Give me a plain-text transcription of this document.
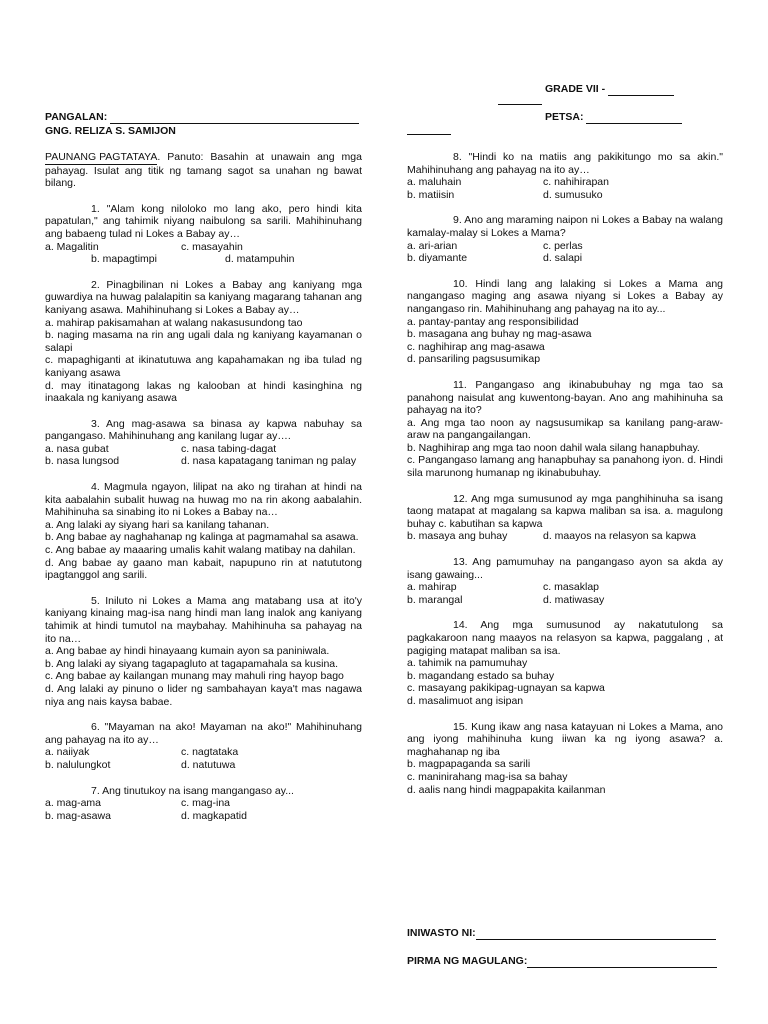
GRADE VII -
PANGALAN:	PETSA:
GNG. RELIZA S. SAMIJON

PAUNANG PAGTATAYA. Panuto: Basahin at unawain ang mga pahayag. Isulat ang titik ng tamang sagot sa unahan ng bawat bilang.

1. "Alam kong niloloko mo lang ako, pero hindi kita papatulan," ang tahimik niyang naibulong sa sarili. Mahihinuhang ang babaeng tulad ni Lokes a Babay ay…

a. Magalitin	c. masayahin
b. mapagtimpi	d. matampuhin

2. Pinagbilinan ni Lokes a Babay ang kaniyang mga guwardiya na huwag palalapitin sa kaniyang magarang tahanan ang kaniyang asawa. Mahihinuhang si Lokes a Babay ay…

a. mahirap pakisamahan at walang nakasusundong tao
b. naging masama na rin ang ugali dala ng kaniyang kayamanan o salapi
c. mapaghiganti at ikinatutuwa ang kapahamakan ng iba tulad ng kaniyang asawa
d. may itinatagong lakas ng kalooban at hindi kasinghina ng inaakala ng kaniyang asawa

3. Ang mag-asawa sa binasa ay kapwa nabuhay sa pangangaso. Mahihinuhang ang kanilang lugar ay….

a. nasa gubat	c. nasa tabing-dagat
b. nasa lungsod	d. nasa kapatagang taniman ng palay

4. Magmula ngayon, lilipat na ako ng tirahan at hindi na kita aabalahin subalit huwag na huwag mo na rin akong aabalahin. Mahihinuha sa sinabing ito ni Lokes a Babay na…

a. Ang lalaki ay siyang hari sa kanilang tahanan.
b. Ang babae ay naghahanap ng kalinga at pagmamahal sa asawa.
c. Ang babae ay maaaring umalis kahit walang matibay na dahilan.
d. Ang babae ay gaano man kabait, napupuno rin at natututong ipagtanggol ang sarili.

5. Iniluto ni Lokes a Mama ang matabang usa at ito'y kaniyang kinaing mag-isa nang hindi man lang inalok ang kaniyang tahimik at hindi tumutol na maybahay. Mahihinuha sa pahayag na ito na…

a. Ang babae ay hindi hinayaang kumain ayon sa paniniwala.
b. Ang lalaki ay siyang tagapagluto at tagapamahala sa kusina.
c. Ang babae ay kailangan munang may mahuli ring hayop bago
d. Ang lalaki ay pinuno o lider ng sambahayan kaya't mas nagawa niya ang nais kaysa babae.

6. "Mayaman na ako! Mayaman na ako!" Mahihinuhang ang pahayag na ito ay…

a. naiiyak	c. nagtataka
b. nalulungkot	d. natutuwa

7. Ang tinutukoy na isang mangangaso ay...

a. mag-ama	c. mag-ina
b. mag-asawa	d. magkapatid

8. "Hindi ko na matiis ang pakikitungo mo sa akin." Mahihinuhang ang pahayag na ito ay…

a. maluhain	c. nahihirapan
b. matiisin	d. sumusuko

9. Ano ang maraming naipon ni Lokes a Babay na walang kamalay-malay si Lokes a Mama?

a. ari-arian	c. perlas
b. diyamante	d. salapi

10. Hindi lang ang lalaking si Lokes a Mama ang nangangaso maging ang asawa niyang si Lokes a Babay ay nangangaso rin. Mahihinuhang ang pahayag na ito ay...

a. pantay-pantay ang responsibilidad
b. masagana ang buhay ng mag-asawa
c. naghihirap ang mag-asawa
d. pansariling pagsusumikap

11. Pangangaso ang ikinabubuhay ng mga tao sa panahong naisulat ang kuwentong-bayan. Ano ang mahihinuha sa pahayag na ito?

a. Ang mga tao noon ay nagsusumikap sa kanilang pang-araw-araw na pangangailangan.
b. Naghihirap ang mga tao noon dahil wala silang hanapbuhay.
c. Pangangaso lamang ang hanapbuhay sa panahong iyon. d. Hindi sila marunong humanap ng ikinabubuhay.

12. Ang mga sumusunod ay mga panghihinuha sa isang taong matapat at magalang sa kapwa maliban sa isa. a. magulong buhay c. kabutihan sa kapwa

b. masaya ang buhay	d. maayos na relasyon sa kapwa

13. Ang pamumuhay na pangangaso ayon sa akda ay isang gawaing...

a. mahirap	c. masaklap
b. marangal	d. matiwasay

14. Ang mga sumusunod ay nakatutulong sa pagkakaroon nang maayos na relasyon sa kapwa, paggalang , at pagiging matapat maliban sa isa.

a. tahimik na pamumuhay
b. magandang estado sa buhay
c. masayang pakikipag-ugnayan sa kapwa
d. masalimuot ang isipan

15. Kung ikaw ang nasa katayuan ni Lokes a Mama, ano ang iyong mahihinuha kung iiwan ka ng iyong asawa? a. maghahanap ng iba

b. magpapaganda sa sarili
c. maninirahang mag-isa sa bahay
d. aalis nang hindi magpapakita kailanman
INIWASTO NI:
PIRMA NG MAGULANG:
